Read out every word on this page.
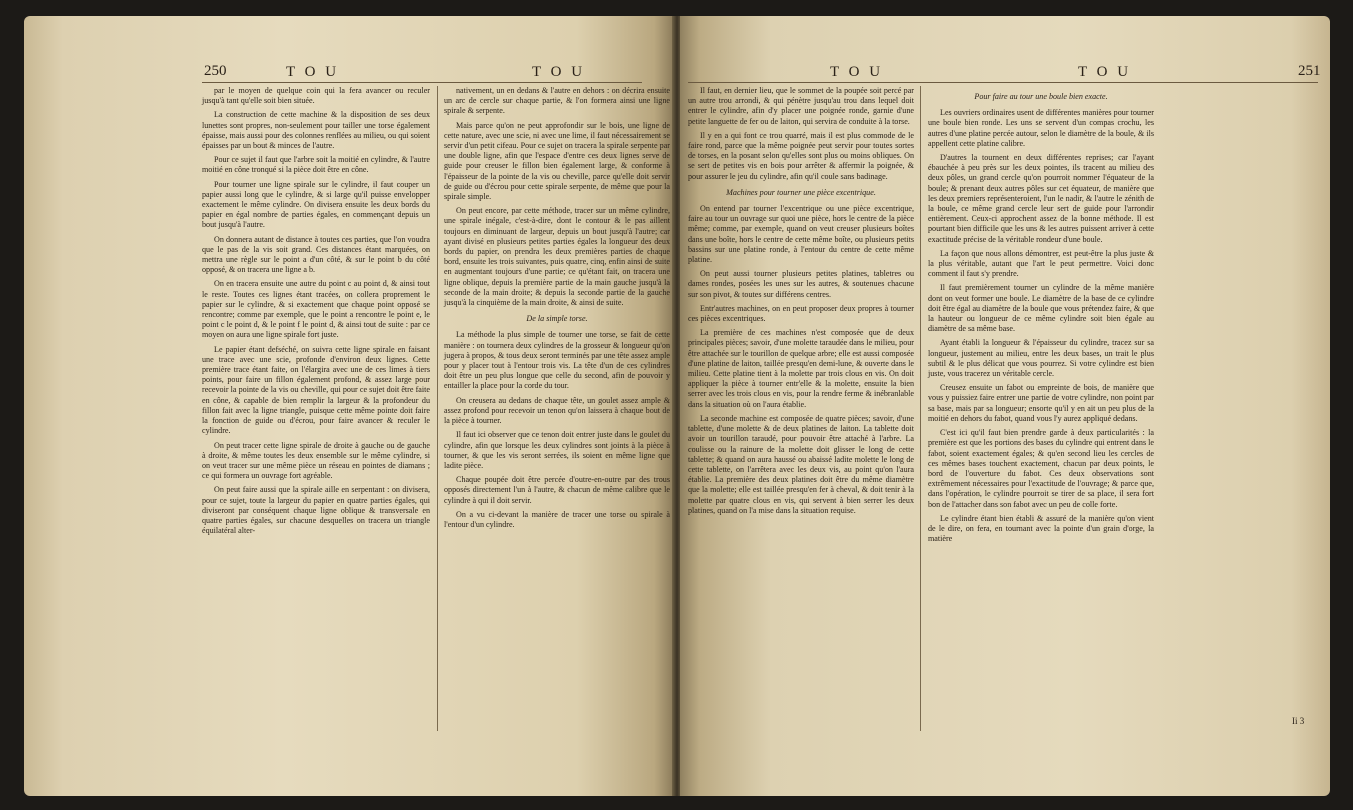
250	T O U	T O U

par le moyen de quelque coin qui la fera avancer ou reculer jusqu'à tant qu'elle soit bien située.

La construction de cette machine & la disposition de ses deux lunettes sont propres, non-seulement pour tailler une torse également épaisse, mais aussi pour des colonnes renflées au milieu, ou qui soient épaisses par un bout & minces de l'autre.

Pour ce sujet il faut que l'arbre soit la moitié en cylindre, & l'autre moitié en cône tronqué si la pièce doit être en cône.

Pour tourner une ligne spirale sur le cylindre, il faut couper un papier aussi long que le cylindre, & si large qu'il puisse envelopper exactement le même cylindre. On divisera ensuite les deux bords du papier en égal nombre de parties égales, en commençant depuis un bout jusqu'à l'autre.

On donnera autant de distance à toutes ces parties, que l'on voudra que le pas de la vis soit grand. Ces distances étant marquées, on mettra une règle sur le point a d'un côté, & sur le point b du côté opposé, & on tracera une ligne a b.

On en tracera ensuite une autre du point c au point d, & ainsi tout le reste. Toutes ces lignes étant tracées, on collera proprement le papier sur le cylindre, & si exactement que chaque point opposé se rencontre; comme par exemple, que le point a rencontre le point e, le point c le point d, & le point f le point d, & ainsi tout de suite : par ce moyen on aura une ligne spirale fort juste.

Le papier étant defséché, on suivra cette ligne spirale en faisant une trace avec une scie, profonde d'environ deux lignes. Cette première trace étant faite, on l'élargira avec une de ces limes à tiers points, pour faire un fillon également profond, & assez large pour recevoir la pointe de la vis ou cheville, qui pour ce sujet doit être faite en cône, & capable de bien remplir la largeur & la profondeur du fillon fait avec la ligne triangle, puisque cette même pointe doit faire la fonction de guide ou d'écrou, pour faire avancer & reculer le cylindre.

On peut tracer cette ligne spirale de droite à gauche ou de gauche à droite, & même toutes les deux ensemble sur le même cylindre, si on veut tracer sur une même pièce un réseau en pointes de diamans ; ce qui formera un ouvrage fort agréable.

On peut faire aussi que la spirale aille en serpentant : on divisera, pour ce sujet, toute la largeur du papier en quatre parties égales, qui diviseront par conséquent chaque ligne oblique & transversale en quatre parties égales, sur chacune desquelles on tracera un triangle équilatéral alter-

nativement, un en dedans & l'autre en dehors : on décrira ensuite un arc de cercle sur chaque partie, & l'on formera ainsi une ligne spirale & serpente.

Mais parce qu'on ne peut approfondir sur le bois, une ligne de cette nature, avec une scie, ni avec une lime, il faut nécessairement se servir d'un petit cifeau. Pour ce sujet on tracera la spirale serpente par une double ligne, afin que l'espace d'entre ces deux lignes serve de guide pour creuser le fillon bien également large, & conforme à l'épaisseur de la pointe de la vis ou cheville, parce qu'elle doit servir de guide ou d'écrou pour cette spirale serpente, de même que pour la spirale simple.

On peut encore, par cette méthode, tracer sur un même cylindre, une spirale inégale, c'est-à-dire, dont le contour & le pas aillent toujours en diminuant de largeur, depuis un bout jusqu'à l'autre; car ayant divisé en plusieurs petites parties égales la longueur des deux bords du papier, on prendra les deux premières parties de chaque bord, ensuite les trois suivantes, puis quatre, cinq, enfin ainsi de suite en augmentant toujours d'une partie; ce qu'étant fait, on tracera une ligne oblique, depuis la première partie de la main gauche jusqu'à la seconde de la main droite; & depuis la seconde partie de la gauche jusqu'à la cinquième de la main droite, & ainsi de suite.

De la simple torse.

La méthode la plus simple de tourner une torse, se fait de cette manière : on tournera deux cylindres de la grosseur & longueur qu'on jugera à propos, & tous deux seront terminés par une tête assez ample pour y placer tout à l'entour trois vis. La tête d'un de ces cylindres doit être un peu plus longue que celle du second, afin de pouvoir y entailler la place pour la corde du tour.

On creusera au dedans de chaque tête, un goulet assez ample & assez profond pour recevoir un tenon qu'on laissera à chaque bout de la pièce à tourner.

Il faut ici observer que ce tenon doit entrer juste dans le goulet du cylindre, afin que lorsque les deux cylindres sont joints à la pièce à tourner, & que les vis seront serrées, ils soient en même ligne que ladite pièce.

Chaque poupée doit être percée d'outre-en-outre par des trous opposés directement l'un à l'autre, & chacun de même calibre que le cylindre à qui il doit servir.

On a vu ci-devant la manière de tracer une torse ou spirale à l'entour d'un cylindre.

T O U	T O U	251

Il faut, en dernier lieu, que le sommet de la poupée soit percé par un autre trou arrondi, & qui pénètre jusqu'au trou dans lequel doit entrer le cylindre, afin d'y placer une poignée ronde, garnie d'une petite languette de fer ou de laiton, qui servira de conduite à la torse.

Il y en a qui font ce trou quarré, mais il est plus commode de le faire rond, parce que la même poignée peut servir pour toutes sortes de torses, en la posant selon qu'elles sont plus ou moins obliques. On se sert de petites vis en bois pour arrêter & affermir la poignée, & pour assurer le jeu du cylindre, afin qu'il coule sans badinage.

Machines pour tourner une pièce excentrique.

On entend par tourner l'excentrique ou une pièce excentrique, faire au tour un ouvrage sur quoi une pièce, hors le centre de la pièce même; comme, par exemple, quand on veut creuser plusieurs boîtes dans une boîte, hors le centre de cette même boîte, ou plusieurs petits bassins sur une platine ronde, à l'entour du centre de cette même platine.

On peut aussi tourner plusieurs petites platines, tabletres ou dames rondes, posées les unes sur les autres, & soutenues chacune sur son pivot, & toutes sur différens centres.

Entr'autres machines, on en peut proposer deux propres à tourner ces pièces excentriques.

La première de ces machines n'est composée que de deux principales pièces; savoir, d'une molette taraudée dans le milieu, pour être attachée sur le tourillon de quelque arbre; elle est aussi composée d'une platine de laiton, taillée presqu'en demi-lune, & ouverte dans le milieu. Cette platine tient à la molette par trois clous en vis. On doit appliquer la pièce à tourner entr'elle & la molette, ensuite la bien serrer avec les trois clous en vis, pour la rendre ferme & inébranlable dans la situation où on l'aura établie.

La seconde machine est composée de quatre pièces; savoir, d'une tablette, d'une molette & de deux platines de laiton. La tablette doit avoir un tourillon taraudé, pour pouvoir être attaché à l'arbre. La coulisse ou la rainure de la molette doit glisser le long de cette tablette; & quand on aura haussé ou abaissé ladite molette le long de cette tablette, on l'arrêtera avec les deux vis, au point qu'on l'aura établie. La première des deux platines doit être du même diamètre que la molette; elle est taillée presqu'en fer à cheval, & doit tenir à la molette par quatre clous en vis, qui servent à bien serrer les deux platines, quand on l'a mise dans la situation requise.

Pour faire au tour une boule bien exacte.

Les ouvriers ordinaires usent de différentes manières pour tourner une boule bien ronde. Les uns se servent d'un compas crochu, les autres d'une platine percée autour, selon le diamètre de la boule, & ils appellent cette platine calibre.

D'autres la tournent en deux différentes reprises; car l'ayant ébauchée à peu près sur les deux pointes, ils tracent au milieu des deux pôles, un grand cercle qu'on pourroit nommer l'équateur de la boule; & prenant deux autres pôles sur cet équateur, de manière que les deux premiers représenteroient, l'un le nadir, & l'autre le zénith de la boule, ce même grand cercle leur sert de guide pour l'arrondir entièrement. Ceux-ci approchent assez de la bonne méthode. Il est pourtant bien difficile que les uns & les autres puissent arriver à cette exactitude précise de la véritable rondeur d'une boule.

La façon que nous allons démontrer, est peut-être la plus juste & la plus véritable, autant que l'art le peut permettre. Voici donc comment il faut s'y prendre.

Il faut premièrement tourner un cylindre de la même manière dont on veut former une boule. Le diamètre de la base de ce cylindre doit être égal au diamètre de la boule que vous prétendez faire, & que la hauteur ou longueur de ce même cylindre soit bien égale au diamètre de sa même base.

Ayant établi la longueur & l'épaisseur du cylindre, tracez sur sa longueur, justement au milieu, entre les deux bases, un trait le plus subtil & le plus délicat que vous pourrez. Si votre cylindre est bien juste, vous tracerez un véritable cercle.

Creusez ensuite un fabot ou empreinte de bois, de manière que vous y puissiez faire entrer une partie de votre cylindre, non point par sa base, mais par sa longueur; ensorte qu'il y en ait un peu plus de la moitié en dehors du fabot, quand vous l'y aurez appliqué dedans.

C'est ici qu'il faut bien prendre garde à deux particularités : la première est que les portions des bases du cylindre qui entrent dans le fabot, soient exactement égales; & qu'en second lieu les cercles de ces mêmes bases touchent exactement, chacun par deux points, le bord de l'ouverture du fabot. Ces deux observations sont extrêmement nécessaires pour l'exactitude de l'ouvrage; & parce que, dans l'opération, le cylindre pourroit se tirer de sa place, il sera fort bon de l'attacher dans son fabot avec un peu de colle forte.

Le cylindre étant bien établi & assuré de la manière qu'on vient de le dire, on fera, en tournant avec la pointe d'un grain d'orge, la matière

Ii 3
